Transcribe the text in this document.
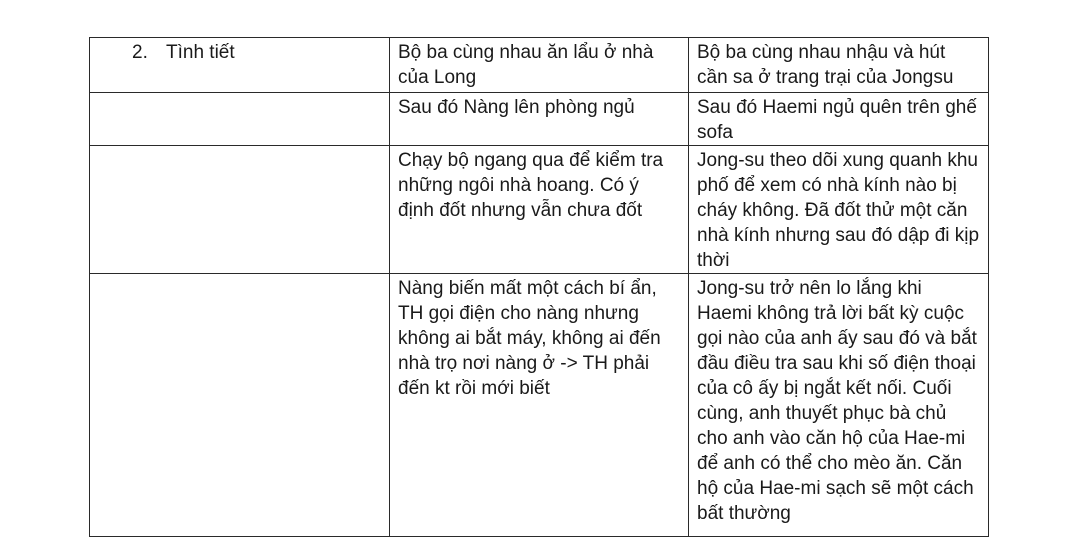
2. Tình tiết	Bộ ba cùng nhau ăn lẩu ở nhà của Long	Bộ ba cùng nhau nhậu và hút cần sa ở trang trại của Jongsu
	Sau đó Nàng lên phòng ngủ	Sau đó Haemi ngủ quên trên ghế sofa
	Chạy bộ ngang qua để kiểm tra những ngôi nhà hoang. Có ý định đốt nhưng vẫn chưa đốt	Jong-su theo dõi xung quanh khu phố để xem có nhà kính nào bị cháy không. Đã đốt thử một căn nhà kính nhưng sau đó dập đi kịp thời
	Nàng biến mất một cách bí ẩn, TH gọi điện cho nàng nhưng không ai bắt máy, không ai đến nhà trọ nơi nàng ở -> TH phải đến kt rồi mới biết	Jong-su trở nên lo lắng khi Haemi không trả lời bất kỳ cuộc gọi nào của anh ấy sau đó và bắt đầu điều tra sau khi số điện thoại của cô ấy bị ngắt kết nối. Cuối cùng, anh thuyết phục bà chủ cho anh vào căn hộ của Hae-mi để anh có thể cho mèo ăn. Căn hộ của Hae-mi sạch sẽ một cách bất thường
